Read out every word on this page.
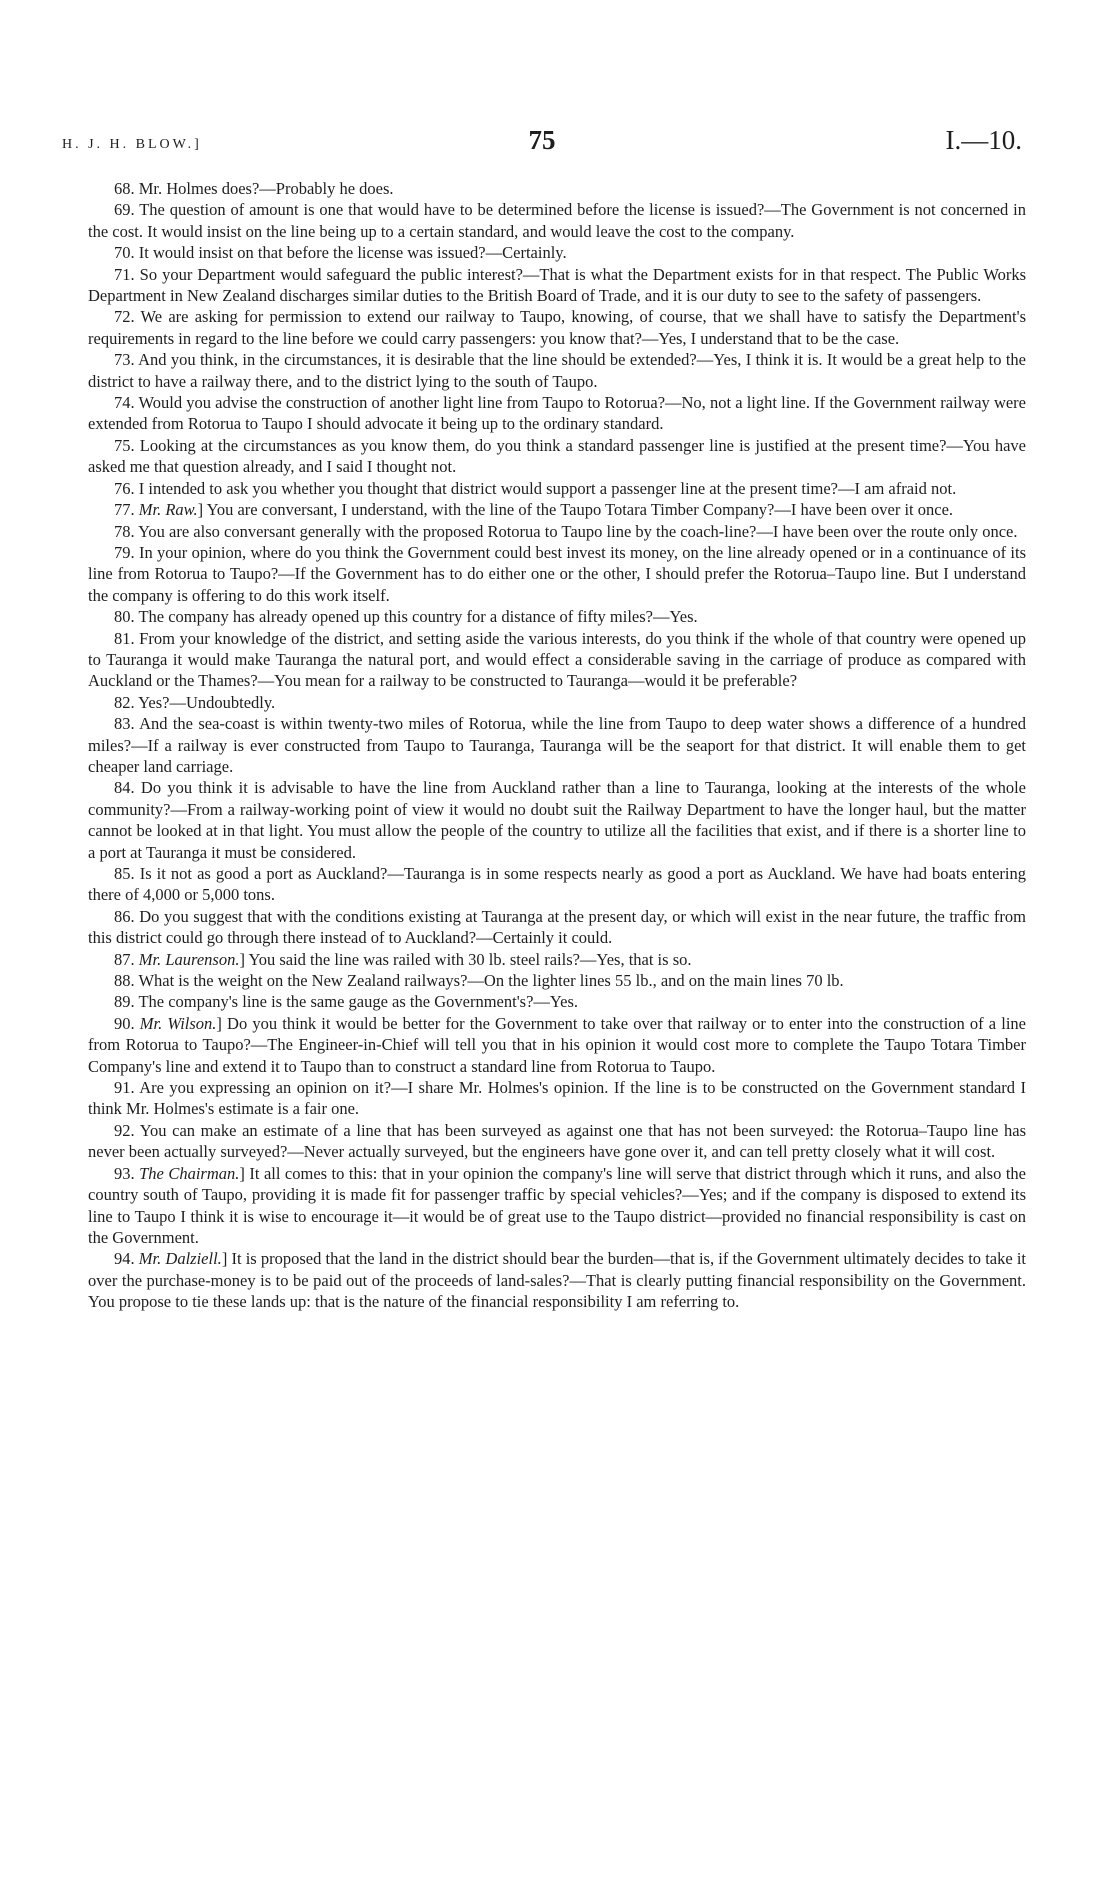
H. J. H. BLOW.]	75	I.—10.

68. Mr. Holmes does?—Probably he does.

69. The question of amount is one that would have to be determined before the license is issued?—The Government is not concerned in the cost. It would insist on the line being up to a certain standard, and would leave the cost to the company.

70. It would insist on that before the license was issued?—Certainly.

71. So your Department would safeguard the public interest?—That is what the Department exists for in that respect. The Public Works Department in New Zealand discharges similar duties to the British Board of Trade, and it is our duty to see to the safety of passengers.

72. We are asking for permission to extend our railway to Taupo, knowing, of course, that we shall have to satisfy the Department's requirements in regard to the line before we could carry passengers: you know that?—Yes, I understand that to be the case.

73. And you think, in the circumstances, it is desirable that the line should be extended?—Yes, I think it is. It would be a great help to the district to have a railway there, and to the district lying to the south of Taupo.

74. Would you advise the construction of another light line from Taupo to Rotorua?—No, not a light line. If the Government railway were extended from Rotorua to Taupo I should advocate it being up to the ordinary standard.

75. Looking at the circumstances as you know them, do you think a standard passenger line is justified at the present time?—You have asked me that question already, and I said I thought not.

76. I intended to ask you whether you thought that district would support a passenger line at the present time?—I am afraid not.

77. Mr. Raw.] You are conversant, I understand, with the line of the Taupo Totara Timber Company?—I have been over it once.

78. You are also conversant generally with the proposed Rotorua to Taupo line by the coach-line?—I have been over the route only once.

79. In your opinion, where do you think the Government could best invest its money, on the line already opened or in a continuance of its line from Rotorua to Taupo?—If the Government has to do either one or the other, I should prefer the Rotorua–Taupo line. But I understand the company is offering to do this work itself.

80. The company has already opened up this country for a distance of fifty miles?—Yes.

81. From your knowledge of the district, and setting aside the various interests, do you think if the whole of that country were opened up to Tauranga it would make Tauranga the natural port, and would effect a considerable saving in the carriage of produce as compared with Auckland or the Thames?—You mean for a railway to be constructed to Tauranga—would it be preferable?

82. Yes?—Undoubtedly.

83. And the sea-coast is within twenty-two miles of Rotorua, while the line from Taupo to deep water shows a difference of a hundred miles?—If a railway is ever constructed from Taupo to Tauranga, Tauranga will be the seaport for that district. It will enable them to get cheaper land carriage.

84. Do you think it is advisable to have the line from Auckland rather than a line to Tauranga, looking at the interests of the whole community?—From a railway-working point of view it would no doubt suit the Railway Department to have the longer haul, but the matter cannot be looked at in that light. You must allow the people of the country to utilize all the facilities that exist, and if there is a shorter line to a port at Tauranga it must be considered.

85. Is it not as good a port as Auckland?—Tauranga is in some respects nearly as good a port as Auckland. We have had boats entering there of 4,000 or 5,000 tons.

86. Do you suggest that with the conditions existing at Tauranga at the present day, or which will exist in the near future, the traffic from this district could go through there instead of to Auckland?—Certainly it could.

87. Mr. Laurenson.] You said the line was railed with 30 lb. steel rails?—Yes, that is so.

88. What is the weight on the New Zealand railways?—On the lighter lines 55 lb., and on the main lines 70 lb.

89. The company's line is the same gauge as the Government's?—Yes.

90. Mr. Wilson.] Do you think it would be better for the Government to take over that railway or to enter into the construction of a line from Rotorua to Taupo?—The Engineer-in-Chief will tell you that in his opinion it would cost more to complete the Taupo Totara Timber Company's line and extend it to Taupo than to construct a standard line from Rotorua to Taupo.

91. Are you expressing an opinion on it?—I share Mr. Holmes's opinion. If the line is to be constructed on the Government standard I think Mr. Holmes's estimate is a fair one.

92. You can make an estimate of a line that has been surveyed as against one that has not been surveyed: the Rotorua–Taupo line has never been actually surveyed?—Never actually surveyed, but the engineers have gone over it, and can tell pretty closely what it will cost.

93. The Chairman.] It all comes to this: that in your opinion the company's line will serve that district through which it runs, and also the country south of Taupo, providing it is made fit for passenger traffic by special vehicles?—Yes; and if the company is disposed to extend its line to Taupo I think it is wise to encourage it—it would be of great use to the Taupo district—provided no financial responsibility is cast on the Government.

94. Mr. Dalziell.] It is proposed that the land in the district should bear the burden—that is, if the Government ultimately decides to take it over the purchase-money is to be paid out of the proceeds of land-sales?—That is clearly putting financial responsibility on the Government. You propose to tie these lands up: that is the nature of the financial responsibility I am referring to.
